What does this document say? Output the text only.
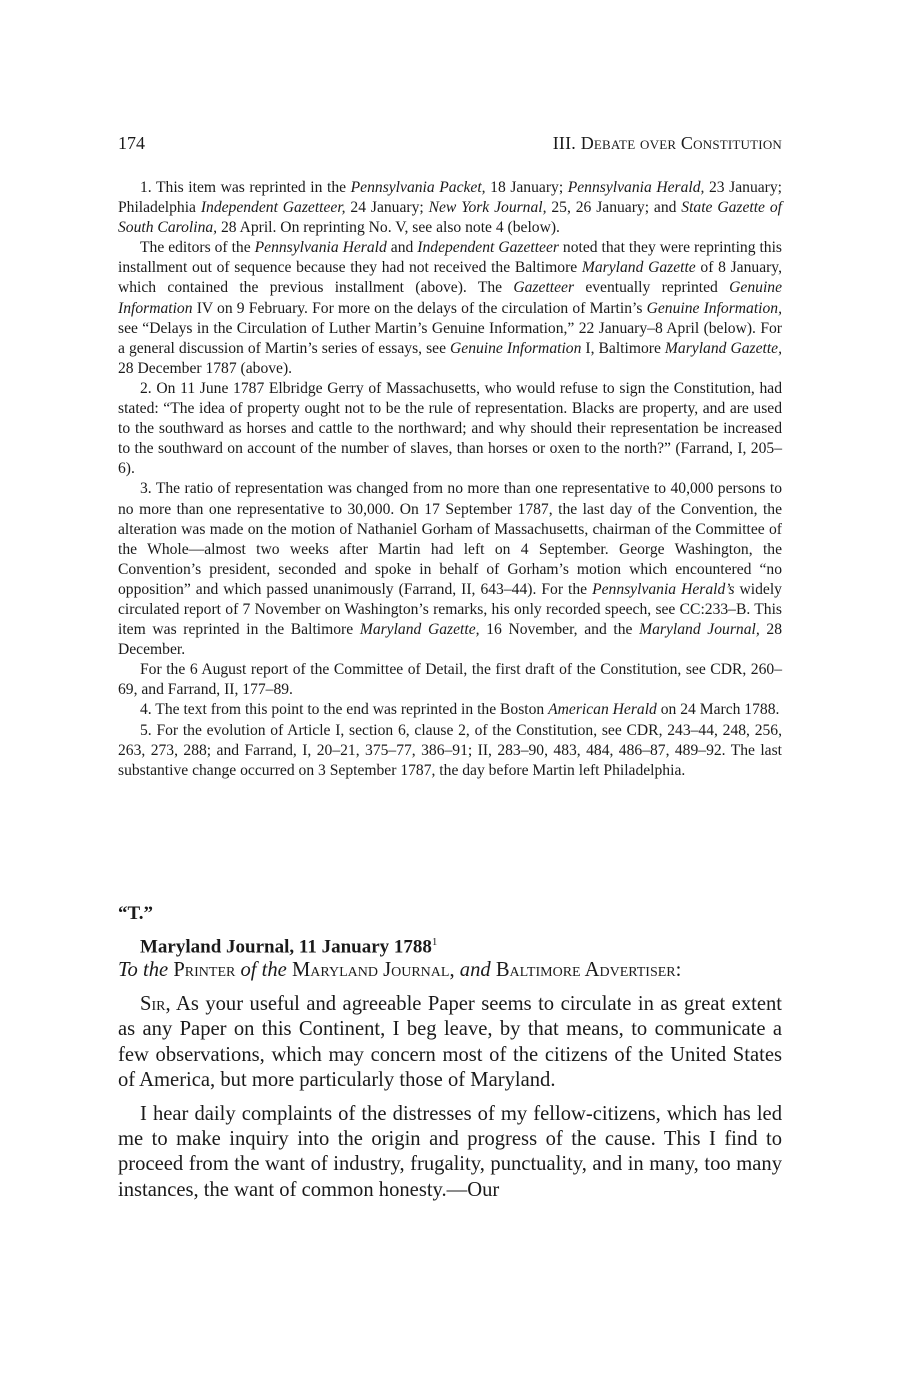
174	III. Debate over Constitution

1. This item was reprinted in the Pennsylvania Packet, 18 January; Pennsylvania Herald, 23 January; Philadelphia Independent Gazetteer, 24 January; New York Journal, 25, 26 January; and State Gazette of South Carolina, 28 April. On reprinting No. V, see also note 4 (below).

The editors of the Pennsylvania Herald and Independent Gazetteer noted that they were reprinting this installment out of sequence because they had not received the Baltimore Maryland Gazette of 8 January, which contained the previous installment (above). The Gazetteer eventually reprinted Genuine Information IV on 9 February. For more on the delays of the circulation of Martin’s Genuine Information, see “Delays in the Circulation of Luther Martin’s Genuine Information,” 22 January–8 April (below). For a general discussion of Martin’s series of essays, see Genuine Information I, Baltimore Maryland Gazette, 28 December 1787 (above).

2. On 11 June 1787 Elbridge Gerry of Massachusetts, who would refuse to sign the Constitution, had stated: “The idea of property ought not to be the rule of representation. Blacks are property, and are used to the southward as horses and cattle to the northward; and why should their representation be increased to the southward on account of the number of slaves, than horses or oxen to the north?” (Farrand, I, 205–6).

3. The ratio of representation was changed from no more than one representative to 40,000 persons to no more than one representative to 30,000. On 17 September 1787, the last day of the Convention, the alteration was made on the motion of Nathaniel Gorham of Massachusetts, chairman of the Committee of the Whole—almost two weeks after Martin had left on 4 September. George Washington, the Convention’s president, seconded and spoke in behalf of Gorham’s motion which encountered “no opposition” and which passed unanimously (Farrand, II, 643–44). For the Pennsylvania Herald’s widely circulated report of 7 November on Washington’s remarks, his only recorded speech, see CC:233–B. This item was reprinted in the Baltimore Maryland Gazette, 16 November, and the Maryland Journal, 28 December.

For the 6 August report of the Committee of Detail, the first draft of the Constitution, see CDR, 260–69, and Farrand, II, 177–89.

4. The text from this point to the end was reprinted in the Boston American Herald on 24 March 1788.

5. For the evolution of Article I, section 6, clause 2, of the Constitution, see CDR, 243–44, 248, 256, 263, 273, 288; and Farrand, I, 20–21, 375–77, 386–91; II, 283–90, 483, 484, 486–87, 489–92. The last substantive change occurred on 3 September 1787, the day before Martin left Philadelphia.

“T.”
Maryland Journal, 11 January 1788$^1$

To the Printer of the Maryland Journal, and Baltimore Advertiser:

Sir, As your useful and agreeable Paper seems to circulate in as great extent as any Paper on this Continent, I beg leave, by that means, to communicate a few observations, which may concern most of the citizens of the United States of America, but more particularly those of Maryland.

I hear daily complaints of the distresses of my fellow-citizens, which has led me to make inquiry into the origin and progress of the cause. This I find to proceed from the want of industry, frugality, punctuality, and in many, too many instances, the want of common honesty.—Our
